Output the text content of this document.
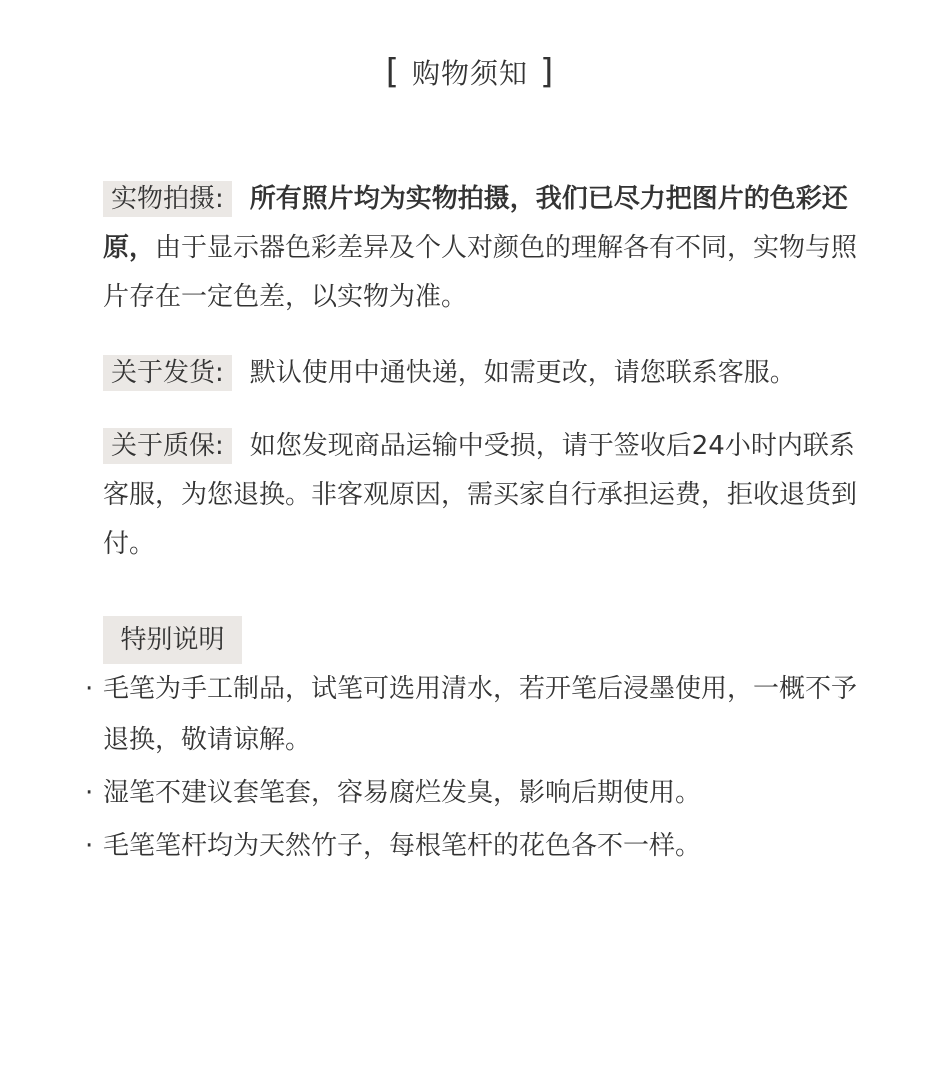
[ 购物须知 ]
实物拍摄: 所有照片均为实物拍摄，我们已尽力把图片的色彩还原，由于显示器色彩差异及个人对颜色的理解各有不同，实物与照片存在一定色差，以实物为准。
关于发货: 默认使用中通快递，如需更改，请您联系客服。
关于质保: 如您发现商品运输中受损，请于签收后24小时内联系客服，为您退换。非客观原因，需买家自行承担运费，拒收退货到付。
特别说明
· 毛笔为手工制品，试笔可选用清水，若开笔后浸墨使用，一概不予退换，敬请谅解。
· 湿笔不建议套笔套，容易腐烂发臭，影响后期使用。
· 毛笔笔杆均为天然竹子，每根笔杆的花色各不一样。
